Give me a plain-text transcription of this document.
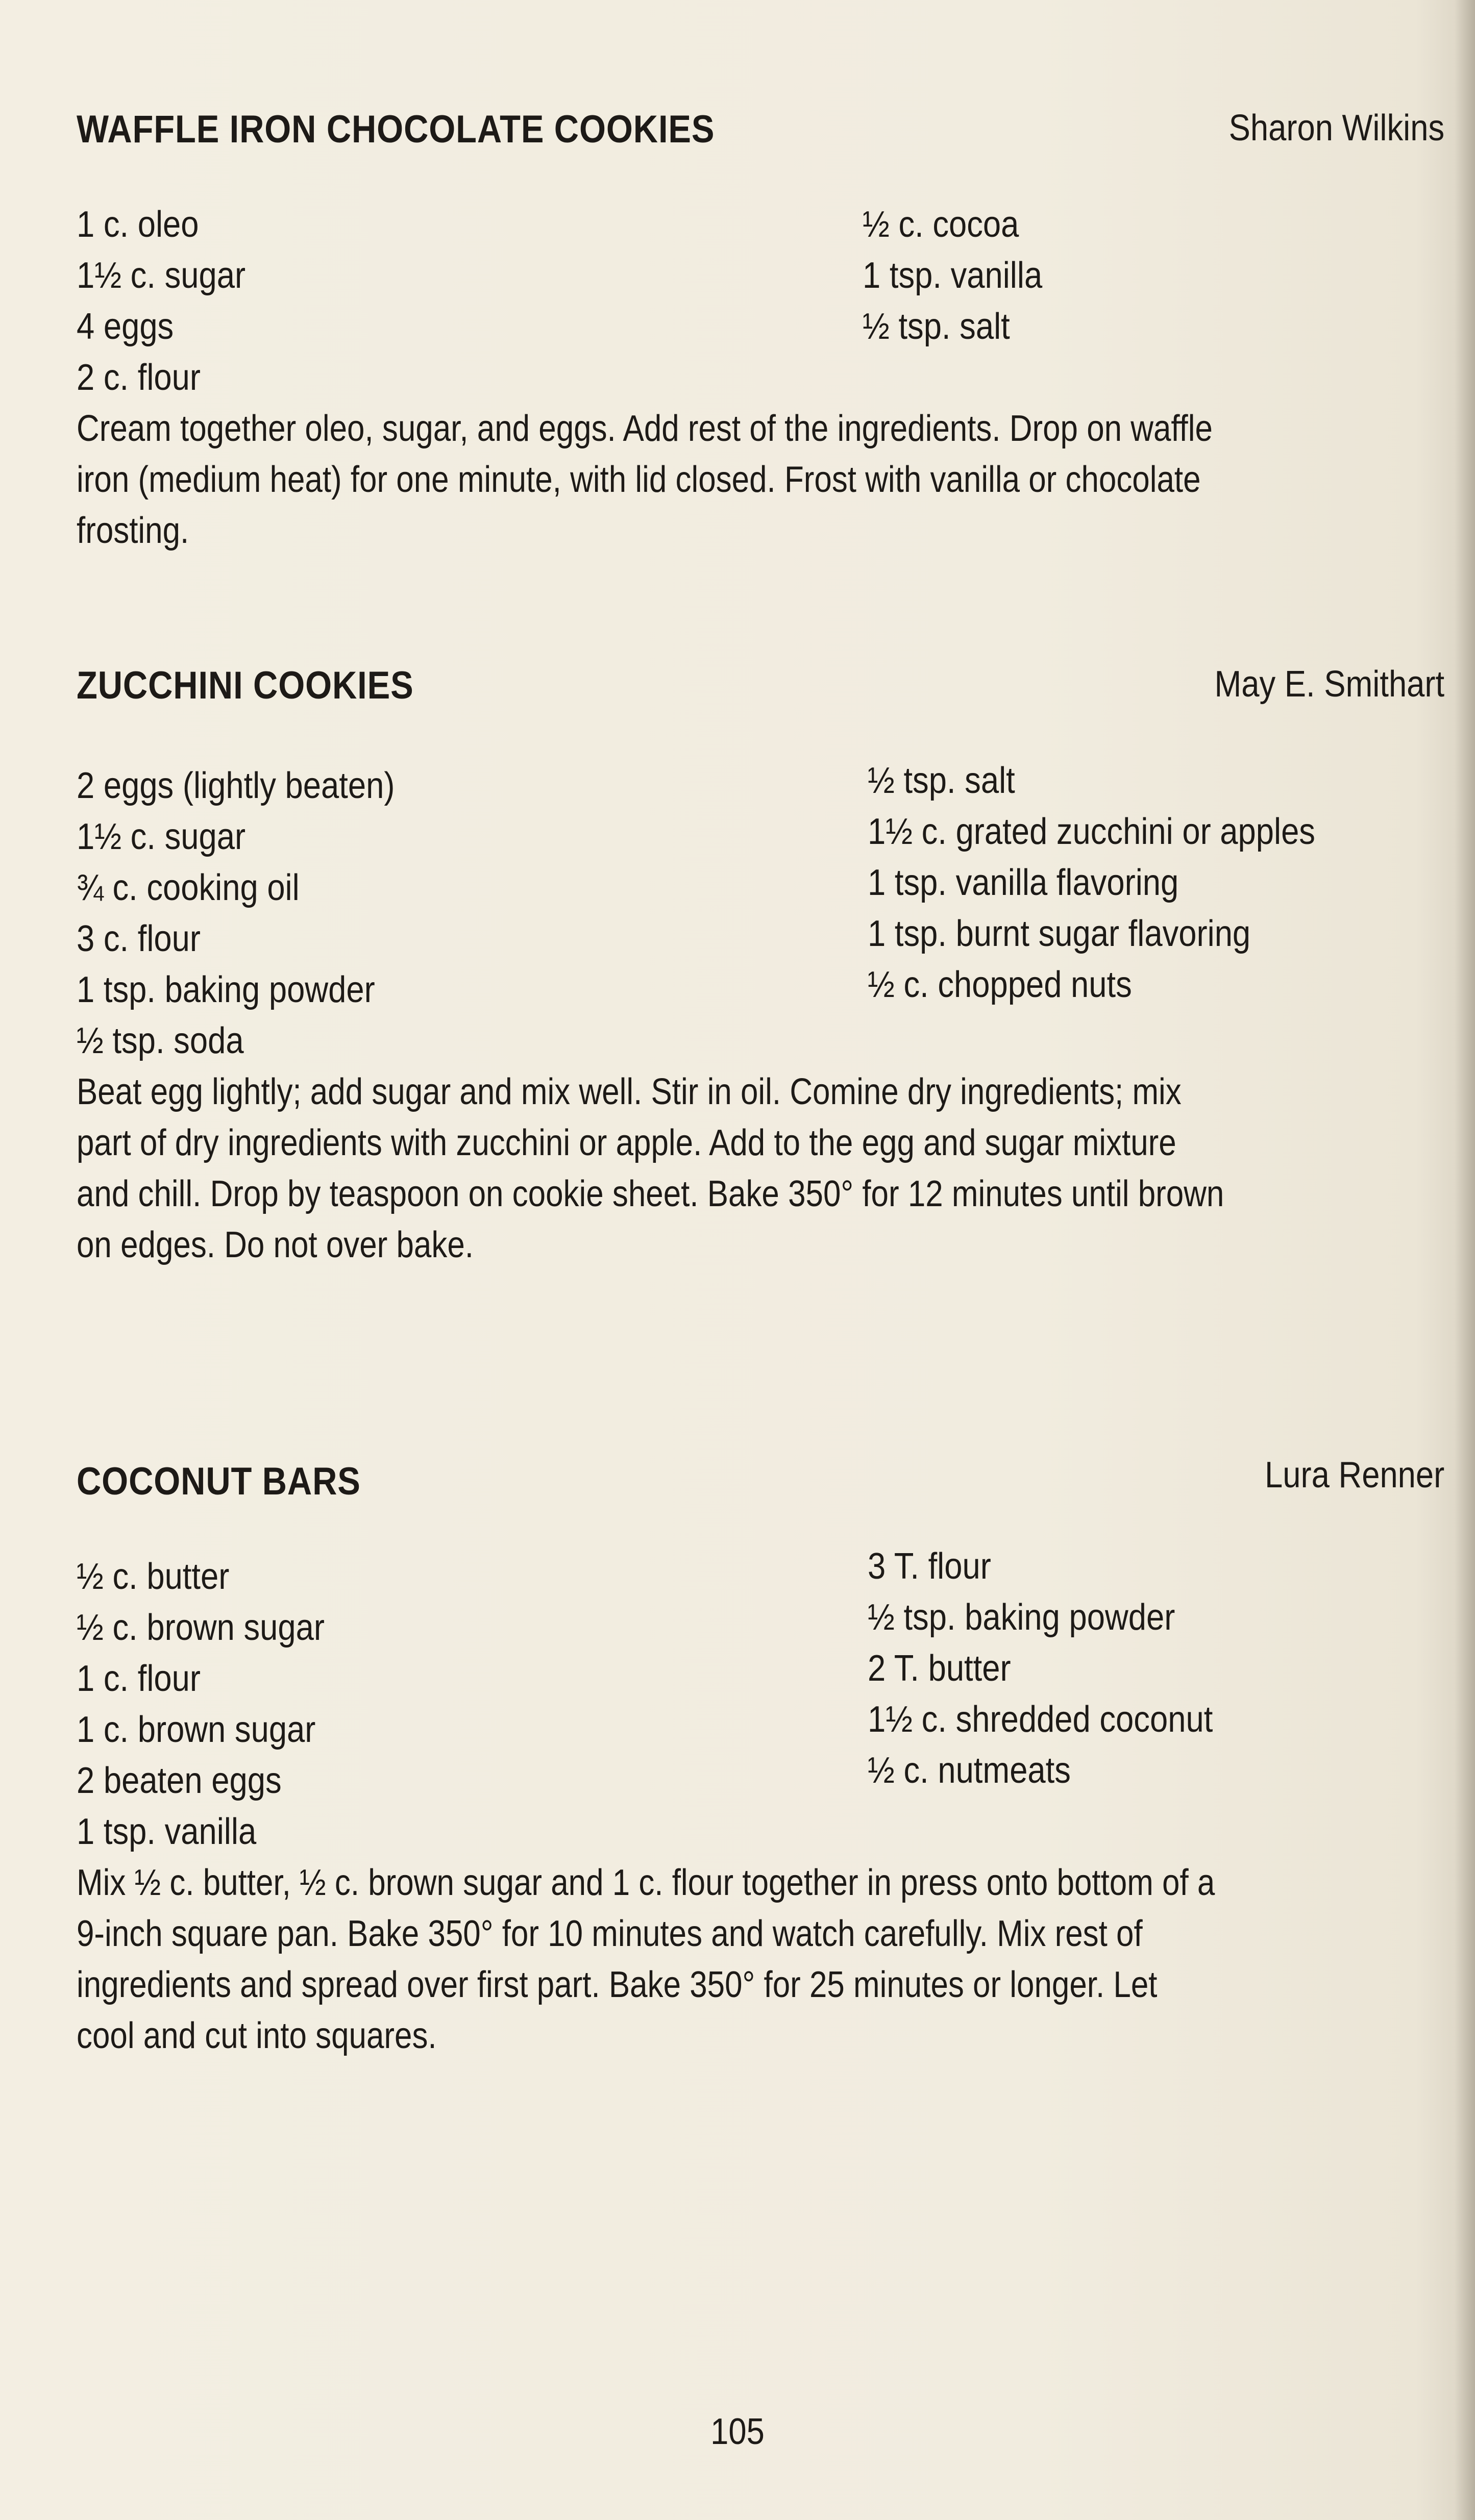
WAFFLE IRON CHOCOLATE COOKIES	Sharon Wilkins
1 c. oleo
1½ c. sugar
4 eggs
2 c. flour
½ c. cocoa
1 tsp. vanilla
½ tsp. salt
Cream together oleo, sugar, and eggs. Add rest of the ingredients. Drop on waffle
iron (medium heat) for one minute, with lid closed. Frost with vanilla or chocolate
frosting.
ZUCCHINI COOKIES	May E. Smithart
2 eggs (lightly beaten)
1½ c. sugar
¾ c. cooking oil
3 c. flour
1 tsp. baking powder
½ tsp. soda
½ tsp. salt
1½ c. grated zucchini or apples
1 tsp. vanilla flavoring
1 tsp. burnt sugar flavoring
½ c. chopped nuts
Beat egg lightly; add sugar and mix well. Stir in oil. Comine dry ingredients; mix
part of dry ingredients with zucchini or apple. Add to the egg and sugar mixture
and chill. Drop by teaspoon on cookie sheet. Bake 350° for 12 minutes until brown
on edges. Do not over bake.
COCONUT BARS	Lura Renner
½ c. butter
½ c. brown sugar
1 c. flour
1 c. brown sugar
2 beaten eggs
1 tsp. vanilla
3 T. flour
½ tsp. baking powder
2 T. butter
1½ c. shredded coconut
½ c. nutmeats
Mix ½ c. butter, ½ c. brown sugar and 1 c. flour together in press onto bottom of a
9-inch square pan. Bake 350° for 10 minutes and watch carefully. Mix rest of
ingredients and spread over first part. Bake 350° for 25 minutes or longer. Let
cool and cut into squares.
105
